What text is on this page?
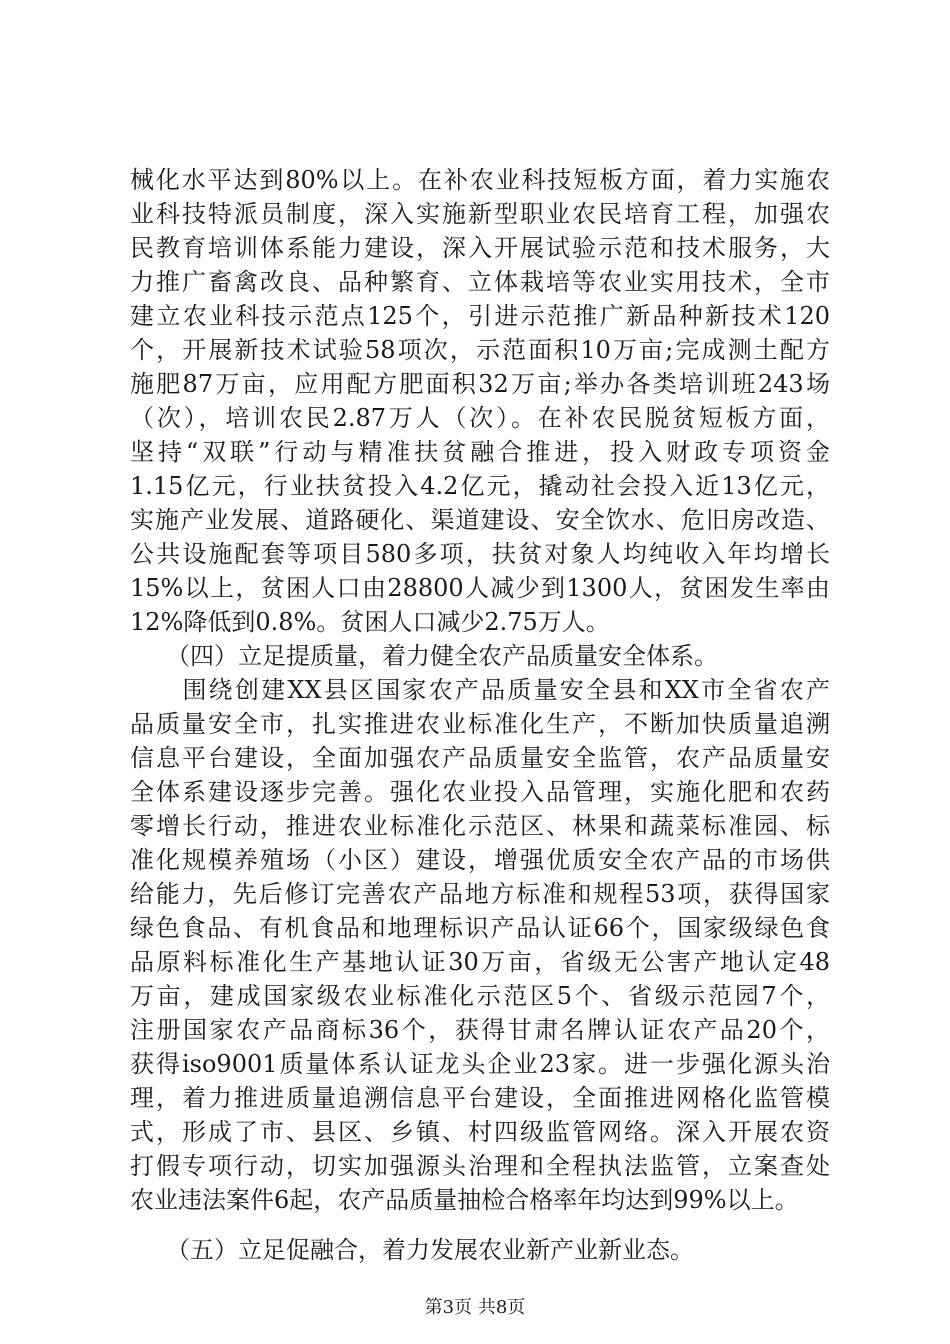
械化水平达到80%以上。在补农业科技短板方面，着力实施农
业科技特派员制度，深入实施新型职业农民培育工程，加强农
民教育培训体系能力建设，深入开展试验示范和技术服务，大
力推广畜禽改良、品种繁育、立体栽培等农业实用技术，全市
建立农业科技示范点125个，引进示范推广新品种新技术120
个，开展新技术试验58项次，示范面积10万亩;完成测土配方
施肥87万亩，应用配方肥面积32万亩;举办各类培训班243场
（次），培训农民2.87万人（次）。在补农民脱贫短板方面，
坚持“双联”行动与精准扶贫融合推进，投入财政专项资金
1.15亿元，行业扶贫投入4.2亿元，撬动社会投入近13亿元，
实施产业发展、道路硬化、渠道建设、安全饮水、危旧房改造、
公共设施配套等项目580多项，扶贫对象人均纯收入年均增长
15%以上，贫困人口由28800人减少到1300人，贫困发生率由
12%降低到0.8%。贫困人口减少2.75万人。
　　（四）立足提质量，着力健全农产品质量安全体系。
　　围绕创建XX县区国家农产品质量安全县和XX市全省农产
品质量安全市，扎实推进农业标准化生产，不断加快质量追溯
信息平台建设，全面加强农产品质量安全监管，农产品质量安
全体系建设逐步完善。强化农业投入品管理，实施化肥和农药
零增长行动，推进农业标准化示范区、林果和蔬菜标准园、标
准化规模养殖场（小区）建设，增强优质安全农产品的市场供
给能力，先后修订完善农产品地方标准和规程53项，获得国家
绿色食品、有机食品和地理标识产品认证66个，国家级绿色食
品原料标准化生产基地认证30万亩，省级无公害产地认定48
万亩，建成国家级农业标准化示范区5个、省级示范园7个，
注册国家农产品商标36个，获得甘肃名牌认证农产品20个，
获得iso9001质量体系认证龙头企业23家。进一步强化源头治
理，着力推进质量追溯信息平台建设，全面推进网格化监管模
式，形成了市、县区、乡镇、村四级监管网络。深入开展农资
打假专项行动，切实加强源头治理和全程执法监管，立案查处
农业违法案件6起，农产品质量抽检合格率年均达到99%以上。
　　（五）立足促融合，着力发展农业新产业新业态。
第3页 共8页
